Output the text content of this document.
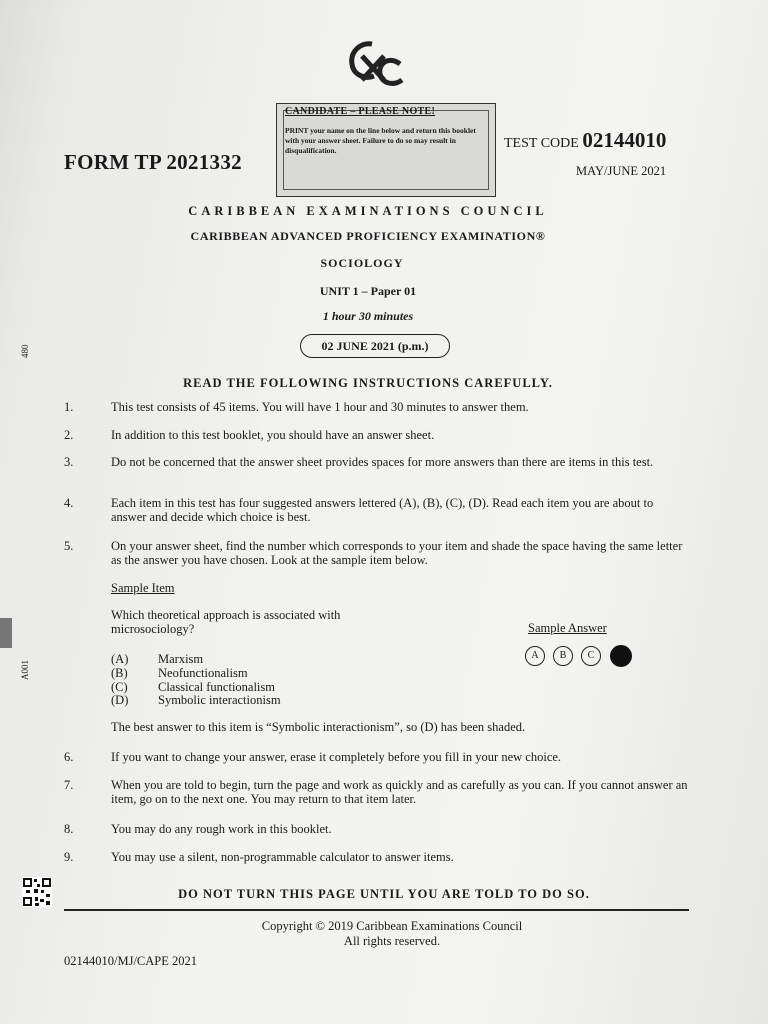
CANDIDATE – PLEASE NOTE!
PRINT your name on the line below and return this booklet with your answer sheet. Failure to do so may result in disqualification.
FORM TP 2021332
TEST CODE 02144010
MAY/JUNE 2021
CARIBBEAN EXAMINATIONS COUNCIL
CARIBBEAN ADVANCED PROFICIENCY EXAMINATION®
SOCIOLOGY
UNIT 1 – Paper 01
1 hour 30 minutes
02 JUNE 2021 (p.m.)
READ THE FOLLOWING INSTRUCTIONS CAREFULLY.
1.	This test consists of 45 items. You will have 1 hour and 30 minutes to answer them.
2.	In addition to this test booklet, you should have an answer sheet.
3.	Do not be concerned that the answer sheet provides spaces for more answers than there are items in this test.
4.	Each item in this test has four suggested answers lettered (A), (B), (C), (D). Read each item you are about to answer and decide which choice is best.
5.	On your answer sheet, find the number which corresponds to your item and shade the space having the same letter as the answer you have chosen. Look at the sample item below.
Sample Item
Which theoretical approach is associated with microsociology?	Sample Answer
A	B	C
(A) Marxism
(B) Neofunctionalism
(C) Classical functionalism
(D) Symbolic interactionism
The best answer to this item is “Symbolic interactionism”, so (D) has been shaded.
6.	If you want to change your answer, erase it completely before you fill in your new choice.
7.	When you are told to begin, turn the page and work as quickly and as carefully as you can. If you cannot answer an item, go on to the next one. You may return to that item later.
8.	You may do any rough work in this booklet.
9.	You may use a silent, non-programmable calculator to answer items.
DO NOT TURN THIS PAGE UNTIL YOU ARE TOLD TO DO SO.
Copyright © 2019 Caribbean Examinations Council
All rights reserved.
02144010/MJ/CAPE 2021
480
A001
